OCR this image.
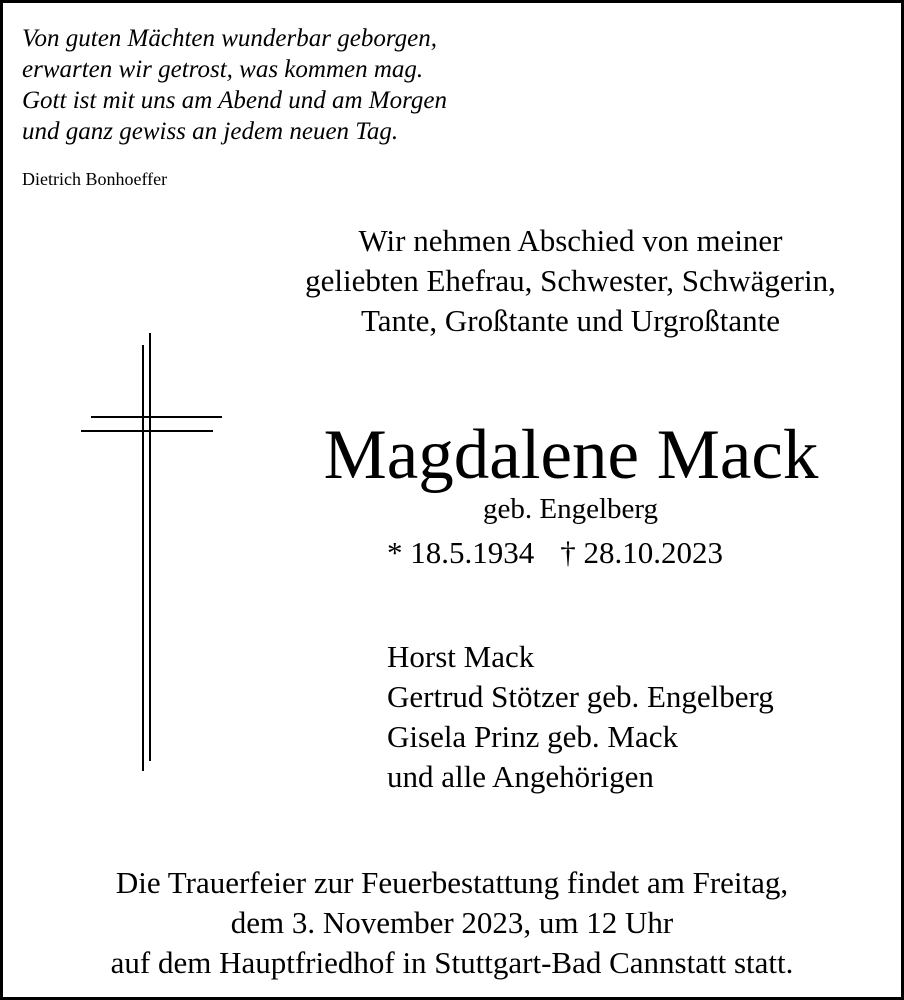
Von guten Mächten wunderbar geborgen,
erwarten wir getrost, was kommen mag.
Gott ist mit uns am Abend und am Morgen
und ganz gewiss an jedem neuen Tag.
Dietrich Bonhoeffer
Wir nehmen Abschied von meiner
geliebten Ehefrau, Schwester, Schwägerin,
Tante, Großtante und Urgroßtante
Magdalene Mack
geb. Engelberg
* 18.5.1934 † 28.10.2023
Horst Mack
Gertrud Stötzer geb. Engelberg
Gisela Prinz geb. Mack
und alle Angehörigen
Die Trauerfeier zur Feuerbestattung findet am Freitag,
dem 3. November 2023, um 12 Uhr
auf dem Hauptfriedhof in Stuttgart-Bad Cannstatt statt.
